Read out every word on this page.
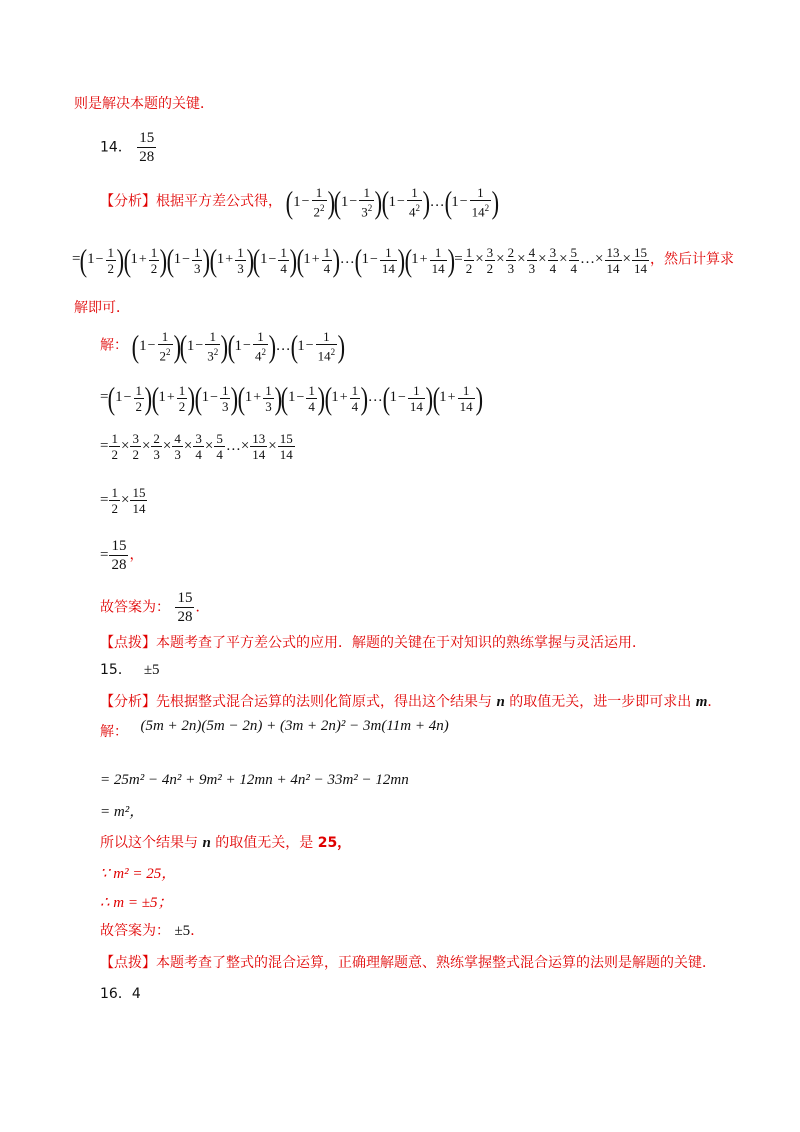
则是解决本题的关键．
14． $\frac{15}{28}$
【分析】根据平方差公式得， $(1- \frac{1}{2^2} )(1- \frac{1}{3^2} )(1- \frac{1}{4^2}$ )…(1− $\frac{1}{14^2}$ )
$=(1- \frac{1}{2} )(1+ \frac{1}{2} )(1- \frac{1}{3} )(1+ \frac{1}{3} )(1- \frac{1}{4} )(1+ \frac{1}{4}$ )…(1− $\frac{1}{14} )(1+ \frac{1}{14}$ )= $\frac{1}{2} \times \frac{3}{2} \times \frac{2}{3} \times \frac{4}{3} \times \frac{3}{4} \times \frac{5}{4}$ …× $\frac{13}{14} \times \frac{15}{14}$ ，然后计算求
解即可．
解： $(1- \frac{1}{2^2} )(1- \frac{1}{3^2} )(1- \frac{1}{4^2}$ )…(1− $\frac{1}{14^2}$ )
$=(1- \frac{1}{2} )(1+ \frac{1}{2} )(1- \frac{1}{3} )(1+ \frac{1}{3} )(1- \frac{1}{4} )(1+ \frac{1}{4}$ )…(1− $\frac{1}{14} )(1+ \frac{1}{14}$ )
= $\frac{1}{2} \times \frac{3}{2} \times \frac{2}{3} \times \frac{4}{3} \times \frac{3}{4} \times \frac{5}{4}$ …× $\frac{13}{14} \times \frac{15}{14}$
= $\frac{1}{2} \times \frac{15}{14}$
= $\frac{15}{28}$ ，
故答案为： $\frac{15}{28}$ ．
【点拨】本题考查了平方差公式的应用．解题的关键在于对知识的熟练掌握与灵活运用．
15． ±5
【分析】先根据整式混合运算的法则化简原式，得出这个结果与 n 的取值无关，进一步即可求出 m．
解： (5m + 2n)(5m − 2n) + (3m + 2n)² − 3m(11m + 4n)
= 25m² − 4n² + 9m² + 12mn + 4n² − 33m² − 12mn
= m²，
所以这个结果与 n 的取值无关，是 25，
∵ m² = 25，
∴ m = ±5；
故答案为： ±5．
【点拨】本题考查了整式的混合运算，正确理解题意、熟练掌握整式混合运算的法则是解题的关键．
16．4
